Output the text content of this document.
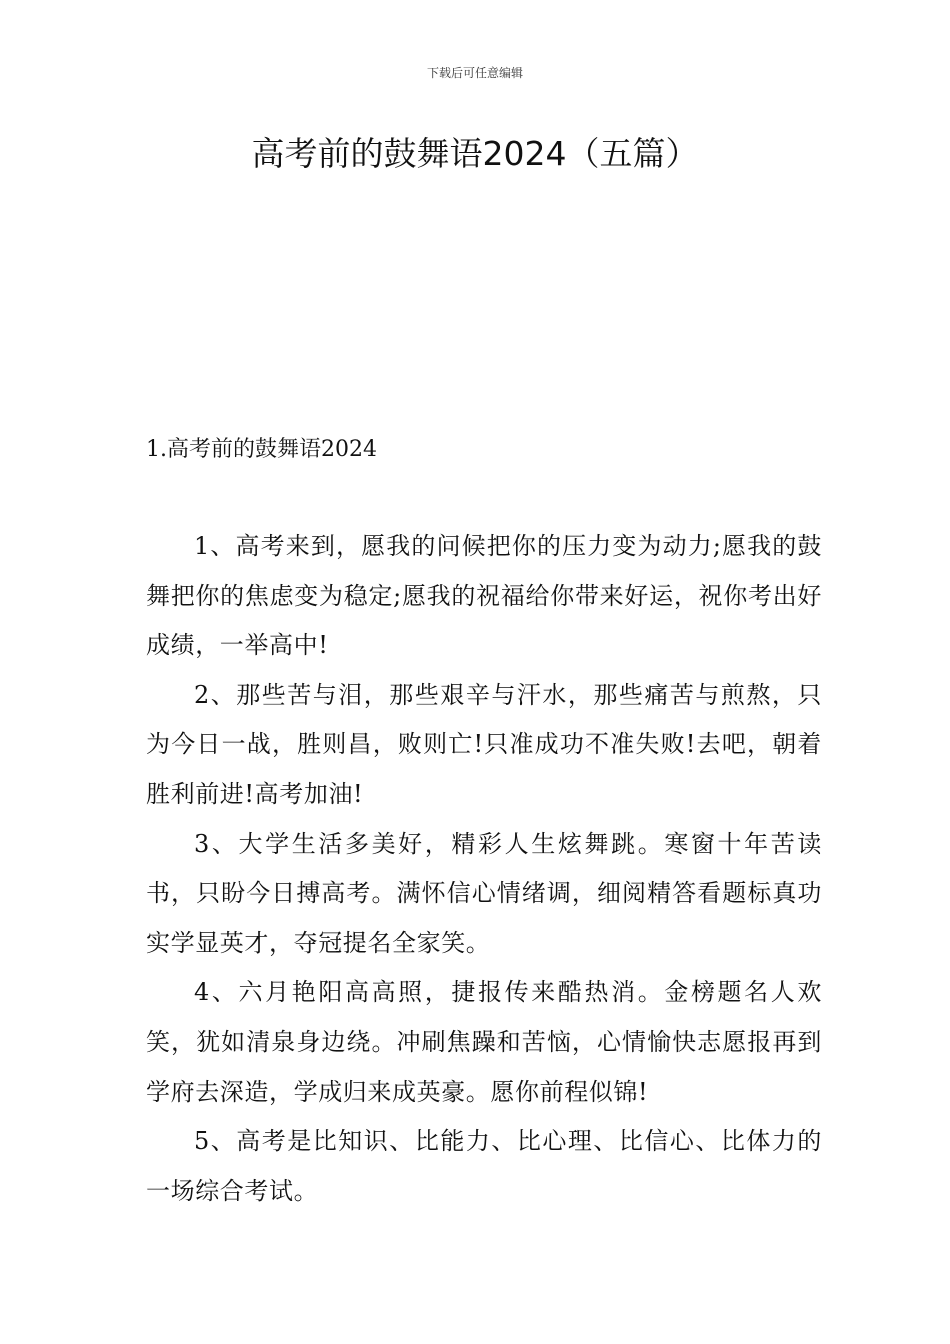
下载后可任意编辑
高考前的鼓舞语2024（五篇）
1.高考前的鼓舞语2024

1、高考来到，愿我的问候把你的压力变为动力;愿我的鼓舞把你的焦虑变为稳定;愿我的祝福给你带来好运，祝你考出好成绩，一举高中!

2、那些苦与泪，那些艰辛与汗水，那些痛苦与煎熬，只为今日一战，胜则昌，败则亡!只准成功不准失败!去吧，朝着胜利前进!高考加油!

3、大学生活多美好，精彩人生炫舞跳。寒窗十年苦读书，只盼今日搏高考。满怀信心情绪调，细阅精答看题标真功实学显英才，夺冠提名全家笑。

4、六月艳阳高高照，捷报传来酷热消。金榜题名人欢笑，犹如清泉身边绕。冲刷焦躁和苦恼，心情愉快志愿报再到学府去深造，学成归来成英豪。愿你前程似锦!

5、高考是比知识、比能力、比心理、比信心、比体力的一场综合考试。
